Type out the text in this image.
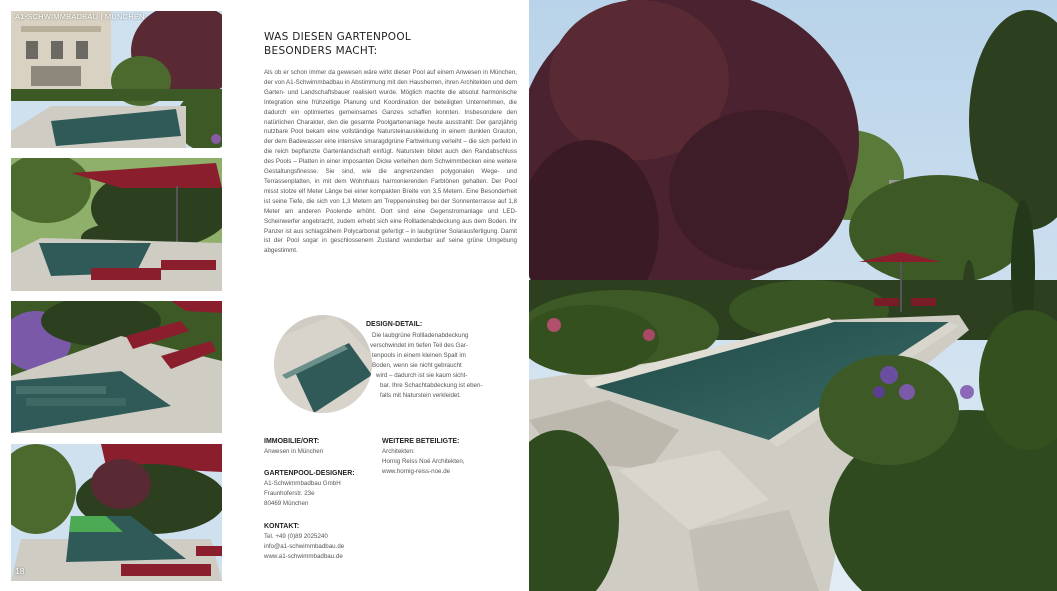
A1-SCHWIMMBADBAU | MÜNCHEN
18
WAS DIESEN GARTENPOOL
BESONDERS MACHT:

Als ob er schon immer da gewesen wäre wirkt dieser Pool auf einem Anwesen in München, der von A1-Schwimmbadbau in Abstimmung mit den Hausherren, ihren Architekten und dem Garten- und Landschaftsbauer realisiert wurde. Möglich machte die absolut harmonische Integration eine frühzeitige Planung und Koordination der beteiligten Unternehmen, die dadurch ein optimiertes gemeinsames Ganzes schaffen konnten. Insbesondere den natürlichen Charakter, den die gesamte Poolgartenanlage heute ausstrahlt: Der ganzjährig nutzbare Pool bekam eine vollständige Natursteinauskleidung in einem dunklen Grauton, der dem Badewasser eine intensive smaragdgrüne Farbwirkung verleiht – die sich perfekt in die reich bepflanzte Gartenlandschaft einfügt. Naturstein bildet auch den Randabschluss des Pools – Platten in einer imposanten Dicke verleihen dem Schwimmbecken eine weitere Gestaltungsfinesse. Sie sind, wie die angrenzenden polygonalen Wege- und Terrassenplatten, in mit dem Wohnhaus harmonierenden Farbtönen gehalten. Der Pool misst stolze elf Meter Länge bei einer kompakten Breite von 3,5 Metern. Eine Besonderheit ist seine Tiefe, die sich von 1,3 Metern am Treppeneinstieg bei der Sonnenterrasse auf 1,8 Meter am anderen Poolende erhöht. Dort sind eine Gegenstromanlage und LED-Scheinwerfer angebracht, zudem erhebt sich eine Rollladenabdeckung aus dem Boden. Ihr Panzer ist aus schlagzähem Polycarbonat gefertigt – in laubgrüner Solarausfertigung. Damit ist der Pool sogar in geschlossenem Zustand wunderbar auf seine grüne Umgebung abgestimmt.

DESIGN-DETAIL:
Die laubgrüne Rollladenabdeckung
verschwindet im tiefen Teil des Gar-
tenpools in einem kleinen Spalt im
Boden, wenn sie nicht gebraucht
wird – dadurch ist sie kaum sicht-
bar. Ihre Schachtabdeckung ist eben-
falls mit Naturstein verkleidet.
IMMOBILIE/ORT:
Anwesen in München
GARTENPOOL-DESIGNER:
A1-Schwimmbadbau GmbH
Fraunhoferstr. 23e
80469 München
KONTAKT:
Tel. +49 (0)89 2025240
info@a1-schwimmbadbau.de
www.a1-schwimmbadbau.de
WEITERE BETEILIGTE:
Architekten:
Hornig Reiss Noé Architekten,
www.hornig-reiss-noe.de
